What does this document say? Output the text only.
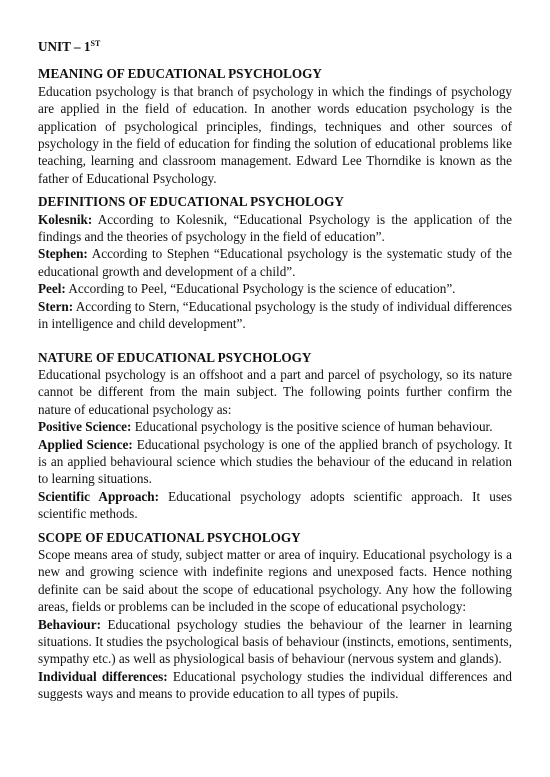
UNIT – 1ST

MEANING OF EDUCATIONAL PSYCHOLOGY

Education psychology is that branch of psychology in which the findings of psychology are applied in the field of education. In another words education psychology is the application of psychological principles, findings, techniques and other sources of psychology in the field of education for finding the solution of educational problems like teaching, learning and classroom management. Edward Lee Thorndike is known as the father of Educational Psychology.

DEFINITIONS OF EDUCATIONAL PSYCHOLOGY

Kolesnik: According to Kolesnik, “Educational Psychology is the application of the findings and the theories of psychology in the field of education”.

Stephen: According to Stephen “Educational psychology is the systematic study of the educational growth and development of a child”.

Peel: According to Peel, “Educational Psychology is the science of education”.

Stern: According to Stern, “Educational psychology is the study of individual differences in intelligence and child development”.

NATURE OF EDUCATIONAL PSYCHOLOGY

Educational psychology is an offshoot and a part and parcel of psychology, so its nature cannot be different from the main subject. The following points further confirm the nature of educational psychology as:

Positive Science: Educational psychology is the positive science of human behaviour.

Applied Science: Educational psychology is one of the applied branch of psychology. It is an applied behavioural science which studies the behaviour of the educand in relation to learning situations.

Scientific Approach: Educational psychology adopts scientific approach. It uses scientific methods.

SCOPE OF EDUCATIONAL PSYCHOLOGY

Scope means area of study, subject matter or area of inquiry. Educational psychology is a new and growing science with indefinite regions and unexposed facts. Hence nothing definite can be said about the scope of educational psychology. Any how the following areas, fields or problems can be included in the scope of educational psychology:

Behaviour: Educational psychology studies the behaviour of the learner in learning situations. It studies the psychological basis of behaviour (instincts, emotions, sentiments, sympathy etc.) as well as physiological basis of behaviour (nervous system and glands).

Individual differences: Educational psychology studies the individual differences and suggests ways and means to provide education to all types of pupils.
